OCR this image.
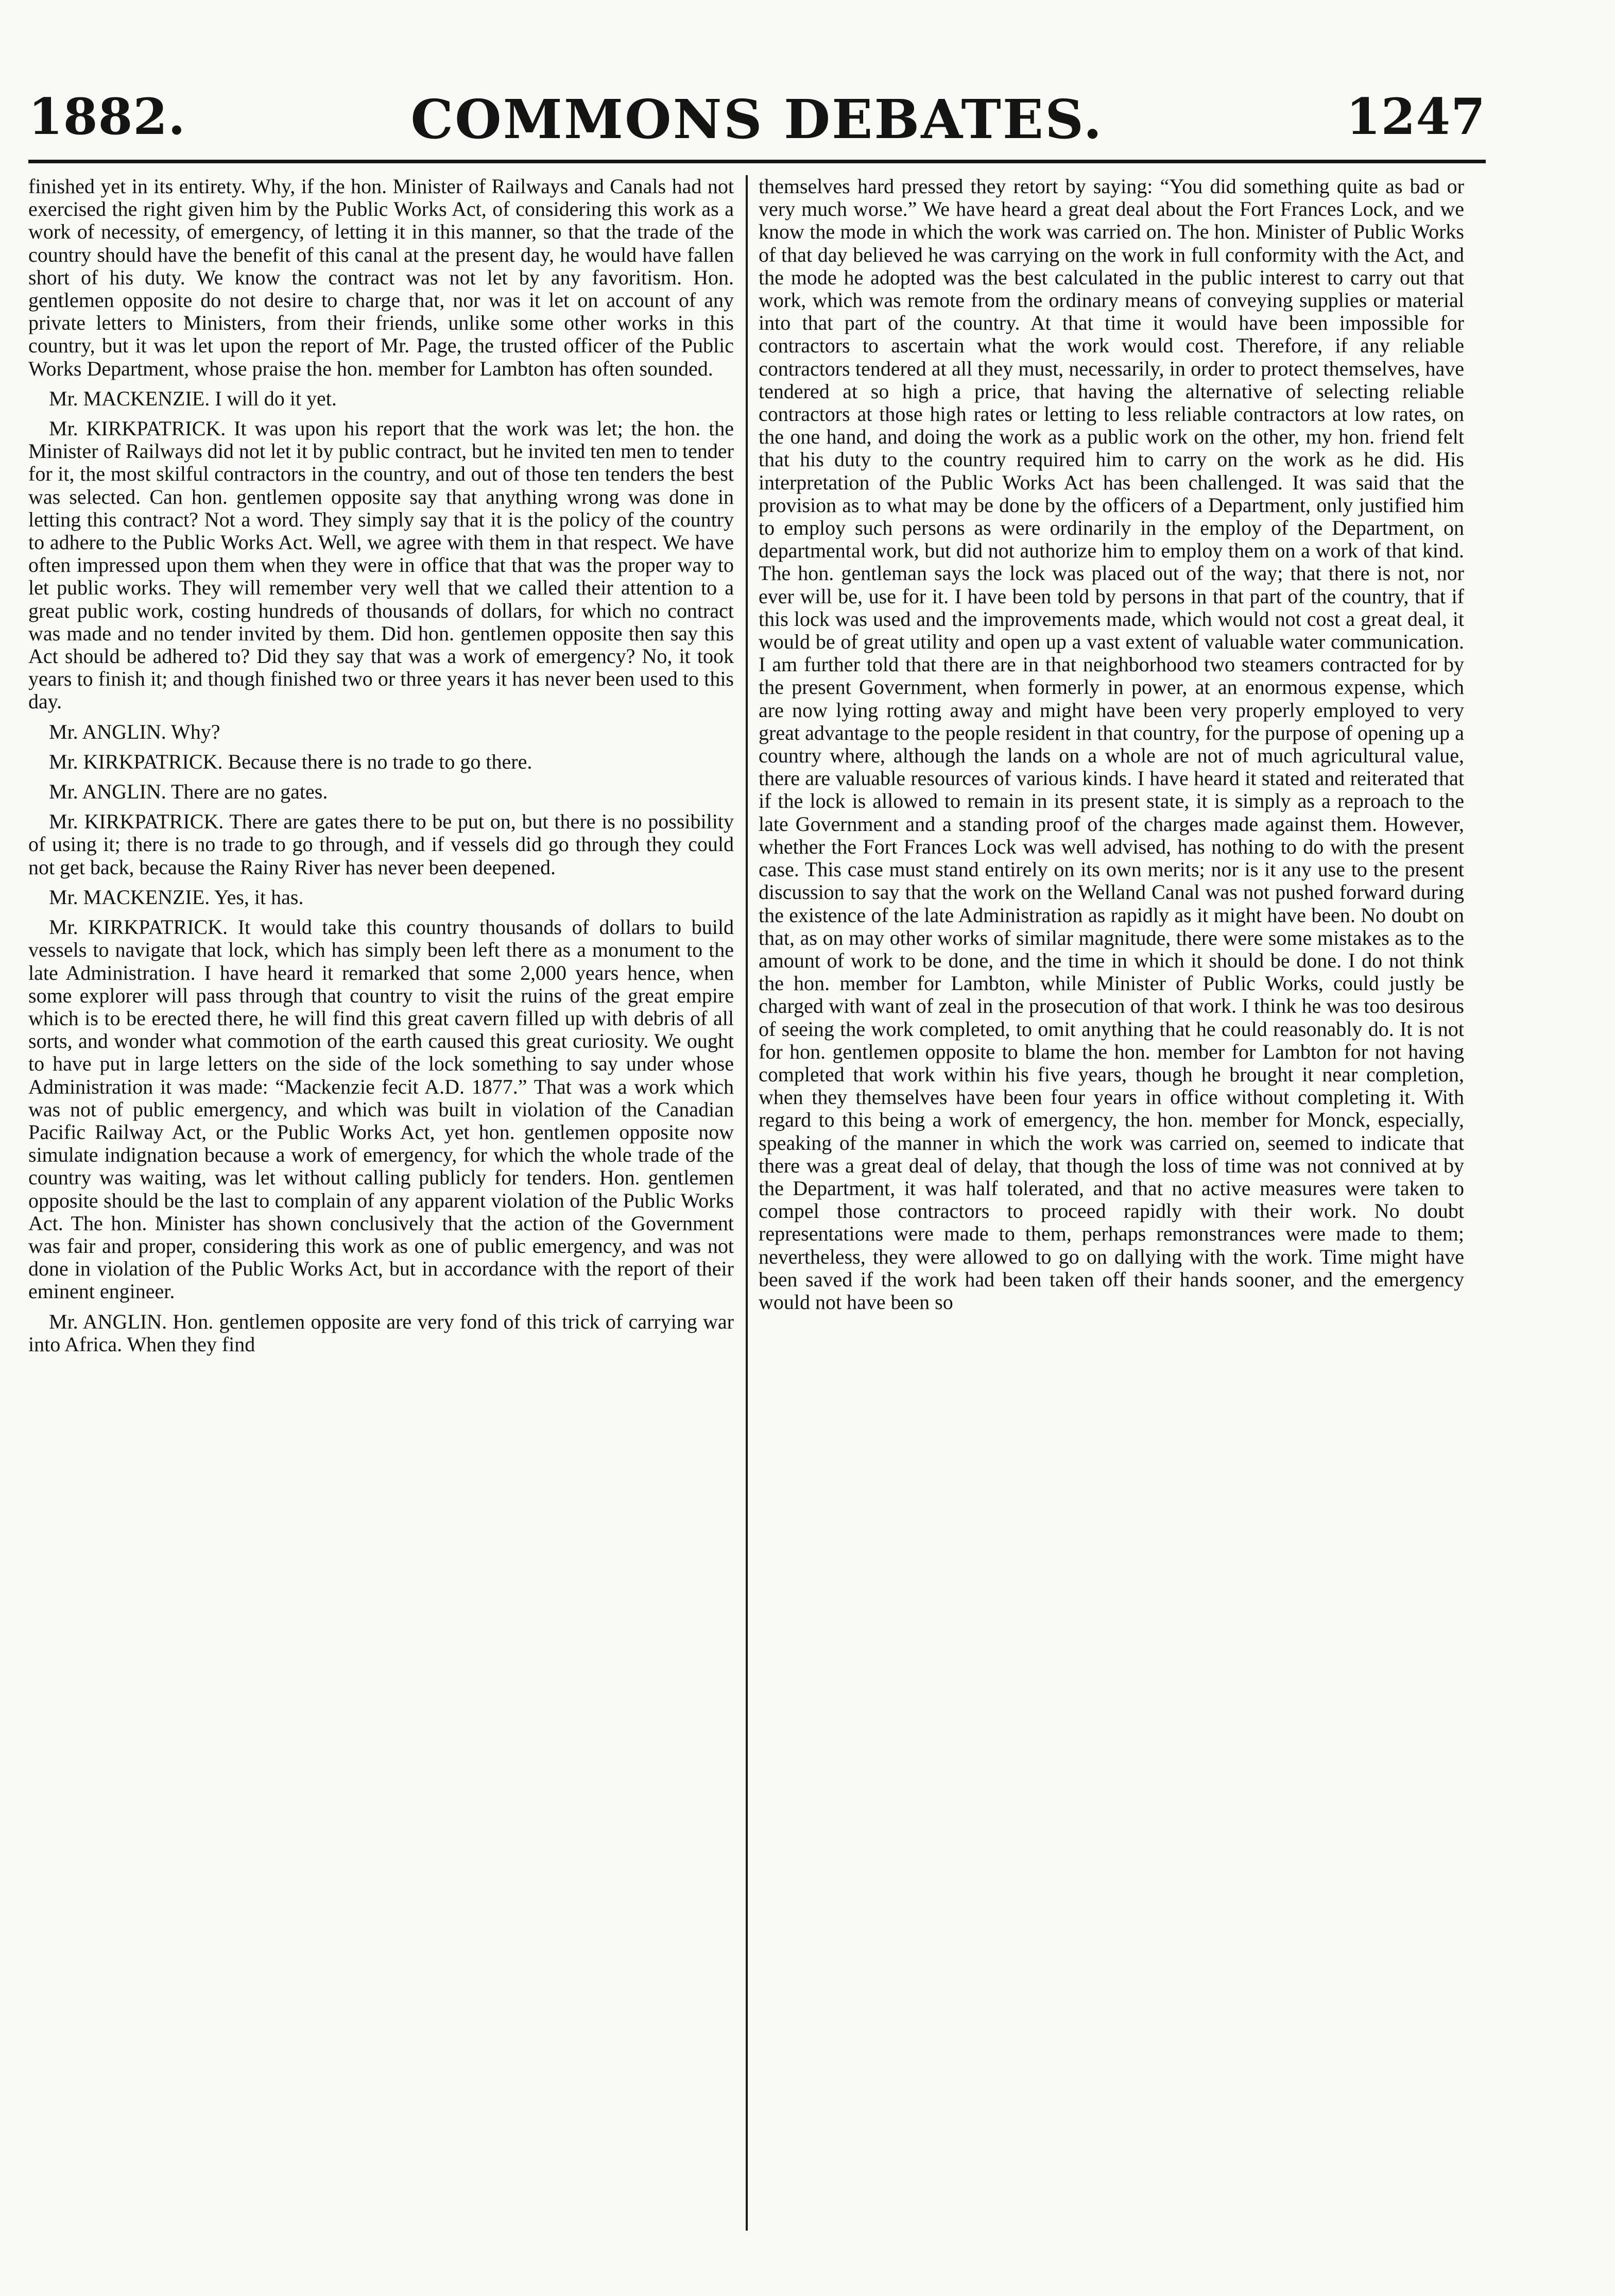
1882.	COMMONS DEBATES.	1247

finished yet in its entirety. Why, if the hon. Minister of Railways and Canals had not exercised the right given him by the Public Works Act, of considering this work as a work of necessity, of emergency, of letting it in this manner, so that the trade of the country should have the benefit of this canal at the present day, he would have fallen short of his duty. We know the contract was not let by any favoritism. Hon. gentlemen opposite do not desire to charge that, nor was it let on account of any private letters to Ministers, from their friends, unlike some other works in this country, but it was let upon the report of Mr. Page, the trusted officer of the Public Works Department, whose praise the hon. member for Lambton has often sounded.

Mr. MACKENZIE. I will do it yet.

Mr. KIRKPATRICK. It was upon his report that the work was let; the hon. the Minister of Railways did not let it by public contract, but he invited ten men to tender for it, the most skilful contractors in the country, and out of those ten tenders the best was selected. Can hon. gentlemen opposite say that anything wrong was done in letting this contract? Not a word. They simply say that it is the policy of the country to adhere to the Public Works Act. Well, we agree with them in that respect. We have often impressed upon them when they were in office that that was the proper way to let public works. They will remember very well that we called their attention to a great public work, costing hundreds of thousands of dollars, for which no contract was made and no tender invited by them. Did hon. gentlemen opposite then say this Act should be adhered to? Did they say that was a work of emergency? No, it took years to finish it; and though finished two or three years it has never been used to this day.

Mr. ANGLIN. Why?

Mr. KIRKPATRICK. Because there is no trade to go there.

Mr. ANGLIN. There are no gates.

Mr. KIRKPATRICK. There are gates there to be put on, but there is no possibility of using it; there is no trade to go through, and if vessels did go through they could not get back, because the Rainy River has never been deepened.

Mr. MACKENZIE. Yes, it has.

Mr. KIRKPATRICK. It would take this country thousands of dollars to build vessels to navigate that lock, which has simply been left there as a monument to the late Administration. I have heard it remarked that some 2,000 years hence, when some explorer will pass through that country to visit the ruins of the great empire which is to be erected there, he will find this great cavern filled up with debris of all sorts, and wonder what commotion of the earth caused this great curiosity. We ought to have put in large letters on the side of the lock something to say under whose Administration it was made: “Mackenzie fecit A.D. 1877.” That was a work which was not of public emergency, and which was built in violation of the Canadian Pacific Railway Act, or the Public Works Act, yet hon. gentlemen opposite now simulate indignation because a work of emergency, for which the whole trade of the country was waiting, was let without calling publicly for tenders. Hon. gentlemen opposite should be the last to complain of any apparent violation of the Public Works Act. The hon. Minister has shown conclusively that the action of the Government was fair and proper, considering this work as one of public emergency, and was not done in violation of the Public Works Act, but in accordance with the report of their eminent engineer.

Mr. ANGLIN. Hon. gentlemen opposite are very fond of this trick of carrying war into Africa. When they find

themselves hard pressed they retort by saying: “You did something quite as bad or very much worse.” We have heard a great deal about the Fort Frances Lock, and we know the mode in which the work was carried on. The hon. Minister of Public Works of that day believed he was carrying on the work in full conformity with the Act, and the mode he adopted was the best calculated in the public interest to carry out that work, which was remote from the ordinary means of conveying supplies or material into that part of the country. At that time it would have been impossible for contractors to ascertain what the work would cost. Therefore, if any reliable contractors tendered at all they must, necessarily, in order to protect themselves, have tendered at so high a price, that having the alternative of selecting reliable contractors at those high rates or letting to less reliable contractors at low rates, on the one hand, and doing the work as a public work on the other, my hon. friend felt that his duty to the country required him to carry on the work as he did. His interpretation of the Public Works Act has been challenged. It was said that the provision as to what may be done by the officers of a Department, only justified him to employ such persons as were ordinarily in the employ of the Department, on departmental work, but did not authorize him to employ them on a work of that kind. The hon. gentleman says the lock was placed out of the way; that there is not, nor ever will be, use for it. I have been told by persons in that part of the country, that if this lock was used and the improvements made, which would not cost a great deal, it would be of great utility and open up a vast extent of valuable water communication. I am further told that there are in that neighborhood two steamers contracted for by the present Government, when formerly in power, at an enormous expense, which are now lying rotting away and might have been very properly employed to very great advantage to the people resident in that country, for the purpose of opening up a country where, although the lands on a whole are not of much agricultural value, there are valuable resources of various kinds. I have heard it stated and reiterated that if the lock is allowed to remain in its present state, it is simply as a reproach to the late Government and a standing proof of the charges made against them. However, whether the Fort Frances Lock was well advised, has nothing to do with the present case. This case must stand entirely on its own merits; nor is it any use to the present discussion to say that the work on the Welland Canal was not pushed forward during the existence of the late Administration as rapidly as it might have been. No doubt on that, as on may other works of similar magnitude, there were some mistakes as to the amount of work to be done, and the time in which it should be done. I do not think the hon. member for Lambton, while Minister of Public Works, could justly be charged with want of zeal in the prosecution of that work. I think he was too desirous of seeing the work completed, to omit anything that he could reasonably do. It is not for hon. gentlemen opposite to blame the hon. member for Lambton for not having completed that work within his five years, though he brought it near completion, when they themselves have been four years in office without completing it. With regard to this being a work of emergency, the hon. member for Monck, especially, speaking of the manner in which the work was carried on, seemed to indicate that there was a great deal of delay, that though the loss of time was not connived at by the Department, it was half tolerated, and that no active measures were taken to compel those contractors to proceed rapidly with their work. No doubt representations were made to them, perhaps remonstrances were made to them; nevertheless, they were allowed to go on dallying with the work. Time might have been saved if the work had been taken off their hands sooner, and the emergency would not have been so
